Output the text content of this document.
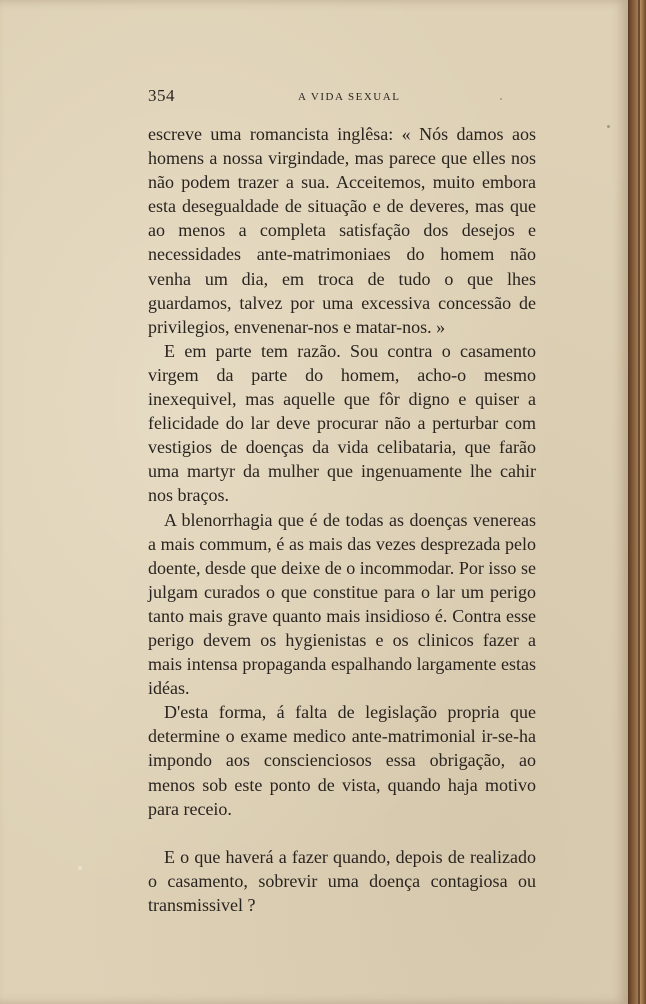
354	A VIDA SEXUAL

escreve uma romancista inglêsa: « Nós damos aos homens a nossa virgindade, mas parece que elles nos não podem trazer a sua. Acceitemos, muito embora esta desegualdade de situação e de deveres, mas que ao menos a completa satisfação dos desejos e necessidades ante-matrimoniaes do homem não venha um dia, em troca de tudo o que lhes guardamos, talvez por uma excessiva concessão de privilegios, envenenar-nos e matar-nos. »

E em parte tem razão. Sou contra o casamento virgem da parte do homem, acho-o mesmo inexequivel, mas aquelle que fôr digno e quiser a felicidade do lar deve procurar não a perturbar com vestigios de doenças da vida celibataria, que farão uma martyr da mulher que ingenuamente lhe cahir nos braços.

A blenorrhagia que é de todas as doenças venereas a mais commum, é as mais das vezes desprezada pelo doente, desde que deixe de o incommodar. Por isso se julgam curados o que constitue para o lar um perigo tanto mais grave quanto mais insidioso é. Contra esse perigo devem os hygienistas e os clinicos fazer a mais intensa propaganda espalhando largamente estas idéas.

D'esta forma, á falta de legislação propria que determine o exame medico ante-matrimonial ir-se-ha impondo aos conscienciosos essa obrigação, ao menos sob este ponto de vista, quando haja motivo para receio.

E o que haverá a fazer quando, depois de realizado o casamento, sobrevir uma doença contagiosa ou transmissivel ?
